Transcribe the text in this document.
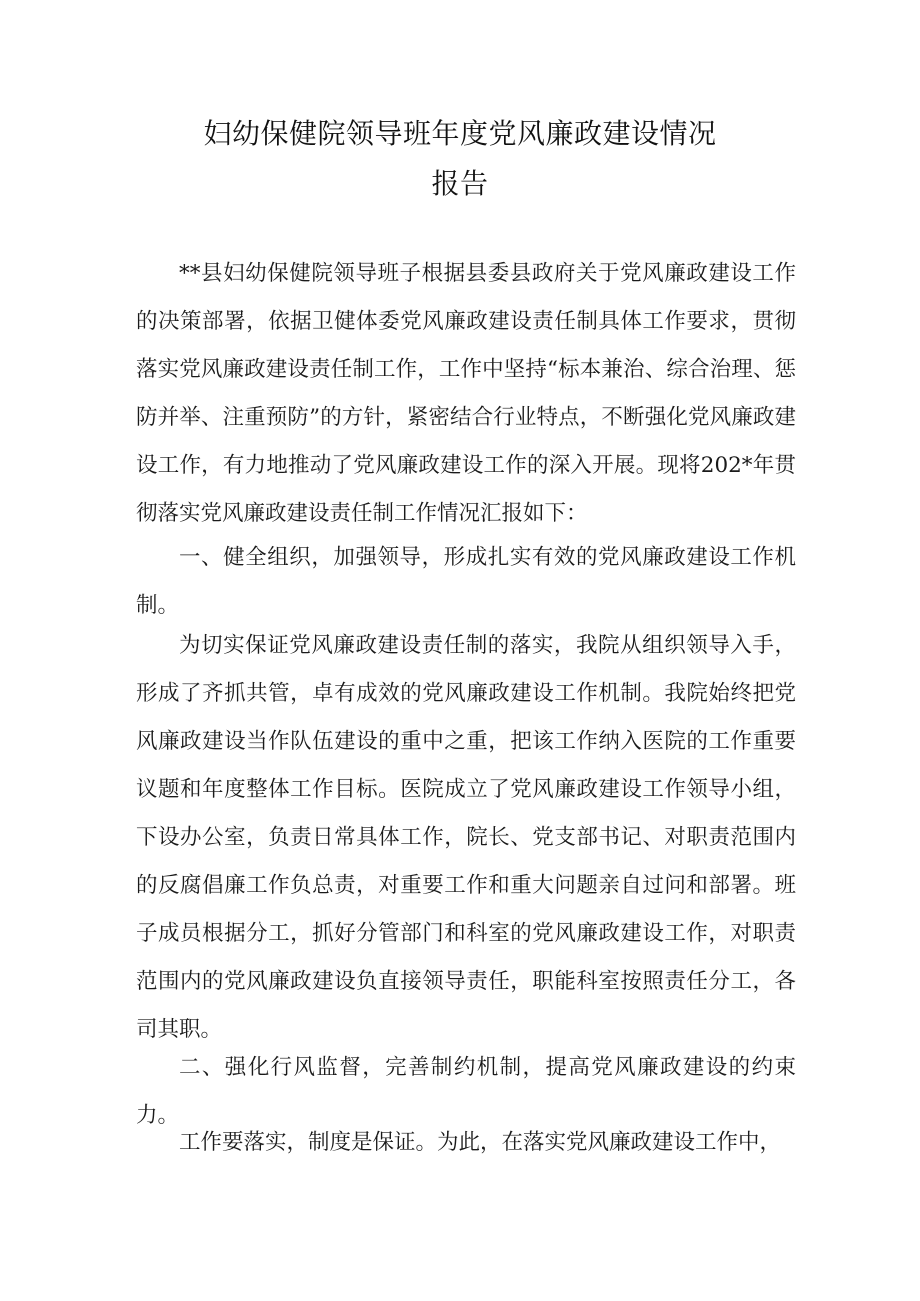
妇幼保健院领导班年度党风廉政建设情况
报告

**县妇幼保健院领导班子根据县委县政府关于党风廉政建设工作的决策部署，依据卫健体委党风廉政建设责任制具体工作要求，贯彻落实党风廉政建设责任制工作，工作中坚持“标本兼治、综合治理、惩防并举、注重预防”的方针，紧密结合行业特点，不断强化党风廉政建设工作，有力地推动了党风廉政建设工作的深入开展。现将202*年贯彻落实党风廉政建设责任制工作情况汇报如下：

一、健全组织，加强领导，形成扎实有效的党风廉政建设工作机制。

为切实保证党风廉政建设责任制的落实，我院从组织领导入手，形成了齐抓共管，卓有成效的党风廉政建设工作机制。我院始终把党风廉政建设当作队伍建设的重中之重，把该工作纳入医院的工作重要议题和年度整体工作目标。医院成立了党风廉政建设工作领导小组，下设办公室，负责日常具体工作，院长、党支部书记、对职责范围内的反腐倡廉工作负总责，对重要工作和重大问题亲自过问和部署。班子成员根据分工，抓好分管部门和科室的党风廉政建设工作，对职责范围内的党风廉政建设负直接领导责任，职能科室按照责任分工，各司其职。

二、强化行风监督，完善制约机制，提高党风廉政建设的约束力。

工作要落实，制度是保证。为此，在落实党风廉政建设工作中，
